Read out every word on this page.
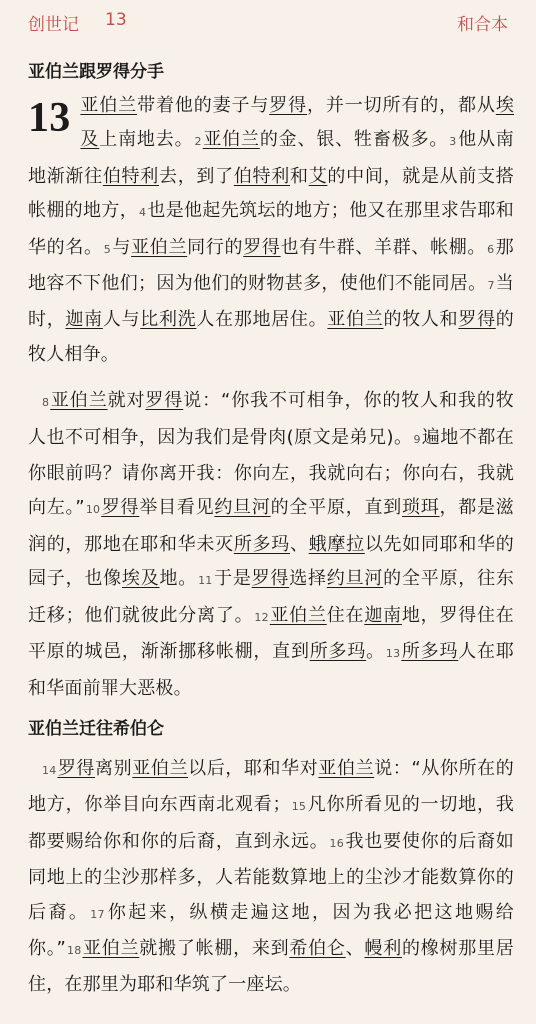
创世记 13	和合本
亚伯兰跟罗得分手

13 亚伯兰带着他的妻子与罗得，并一切所有的，都从埃及上南地去。2亚伯兰的金、银、牲畜极多。3他从南地渐渐往伯特利去，到了伯特利和艾的中间，就是从前支搭帐棚的地方，4也是他起先筑坛的地方；他又在那里求告耶和华的名。5与亚伯兰同行的罗得也有牛群、羊群、帐棚。6那地容不下他们；因为他们的财物甚多，使他们不能同居。7当时，迦南人与比利洗人在那地居住。亚伯兰的牧人和罗得的牧人相争。

8亚伯兰就对罗得说：“你我不可相争，你的牧人和我的牧人也不可相争，因为我们是骨肉(原文是弟兄)。9遍地不都在你眼前吗？请你离开我：你向左，我就向右；你向右，我就向左。”10罗得举目看见约旦河的全平原，直到琐珥，都是滋润的，那地在耶和华未灭所多玛、蛾摩拉以先如同耶和华的园子，也像埃及地。11于是罗得选择约旦河的全平原，往东迁移；他们就彼此分离了。12亚伯兰住在迦南地，罗得住在平原的城邑，渐渐挪移帐棚，直到所多玛。13所多玛人在耶和华面前罪大恶极。

亚伯兰迁往希伯仑

14罗得离别亚伯兰以后，耶和华对亚伯兰说：“从你所在的地方，你举目向东西南北观看；15凡你所看见的一切地，我都要赐给你和你的后裔，直到永远。16我也要使你的后裔如同地上的尘沙那样多，人若能数算地上的尘沙才能数算你的后裔。17你起来，纵横走遍这地，因为我必把这地赐给你。”18亚伯兰就搬了帐棚，来到希伯仑、幔利的橡树那里居住，在那里为耶和华筑了一座坛。
